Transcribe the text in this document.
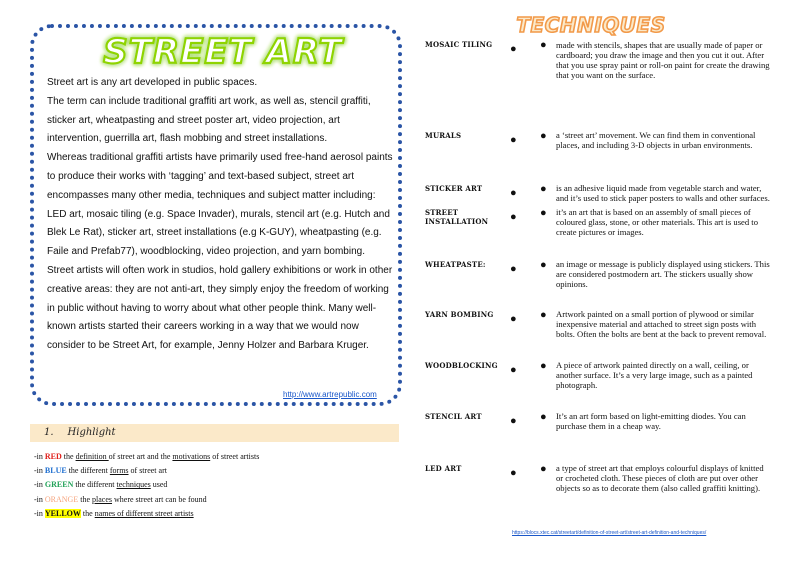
STREET ART

Street art is any art developed in public spaces.

The term can include traditional graffiti art work, as well as, stencil graffiti, sticker art, wheatpasting and street poster art, video projection, art intervention, guerrilla art, flash mobbing and street installations.

Whereas traditional graffiti artists have primarily used free-hand aerosol paints to produce their works with ‘tagging’ and text-based subject, street art encompasses many other media, techniques and subject matter including: LED art, mosaic tiling (e.g. Space Invader), murals, stencil art (e.g. Hutch and Blek Le Rat), sticker art, street installations (e.g K-GUY), wheatpasting (e.g. Faile and Prefab77), woodblocking, video projection, and yarn bombing.

Street artists will often work in studios, hold gallery exhibitions or work in other creative areas: they are not anti-art, they simply enjoy the freedom of working in public without having to worry about what other people think. Many well-known artists started their careers working in a way that we would now consider to be Street Art, for example, Jenny Holzer and Barbara Kruger.

http://www.artrepublic.com
1. Highlight
-in RED the definition of street art and the motivations of street artists
-in BLUE the different forms of street art
-in GREEN the different techniques used
-in ORANGE the places where street art can be found
-in YELLOW the names of different street artists
TECHNIQUES
MOSAIC TILING	● ● made with stencils, shapes that are usually made of paper or cardboard; you draw the image and then you cut it out. After that you use spray paint or roll-on paint for create the drawing that you want on the surface.
MURALS	● ● a ‘street art’ movement. We can find them in conventional places, and including 3-D objects in urban environments.
STICKER ART	● ● is an adhesive liquid made from vegetable starch and water, and it’s used to stick paper posters to walls and other surfaces.
STREET INSTALLATION	● ● it’s an art that is based on an assembly of small pieces of coloured glass, stone, or other materials. This art is used to create pictures or images.
WHEATPASTE:	● ● an image or message is publicly displayed using stickers. This are considered postmodern art. The stickers usually show opinions.
YARN BOMBING	● ● Artwork painted on a small portion of plywood or similar inexpensive material and attached to street sign posts with bolts. Often the bolts are bent at the back to prevent removal.
WOODBLOCKING	● ● A piece of artwork painted directly on a wall, ceiling, or another surface. It’s a very large image, such as a painted photograph.
STENCIL ART	● ● It’s an art form based on light-emitting diodes. You can purchase them in a cheap way.
LED ART	● ● a type of street art that employs colourful displays of knitted or crocheted cloth. These pieces of cloth are put over other objects so as to decorate them (also called graffiti knitting).
https://blocs.xtec.cat/streetart/definition-of-street-art/street-art-definition-and-techniques/
